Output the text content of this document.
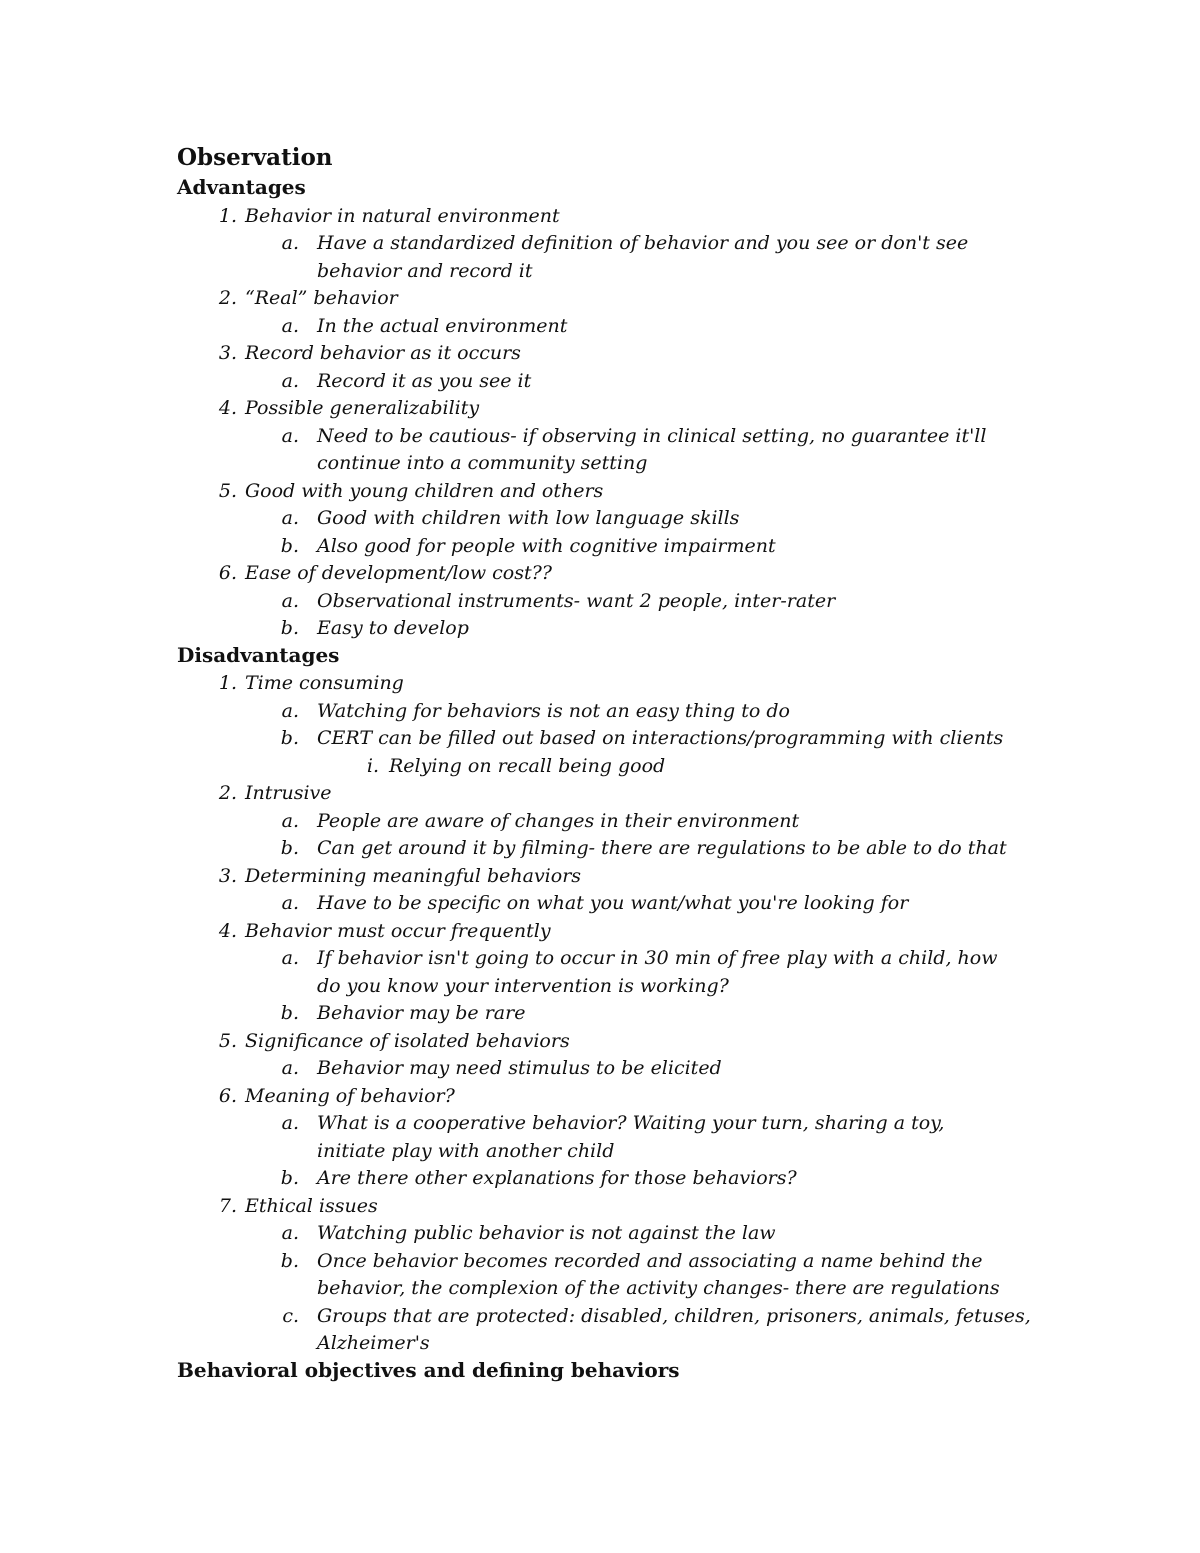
Observation
Advantages
1. Behavior in natural environment
a. Have a standardized definition of behavior and you see or don't see
behavior and record it
2. “Real” behavior
a. In the actual environment
3. Record behavior as it occurs
a. Record it as you see it
4. Possible generalizability
a. Need to be cautious- if observing in clinical setting, no guarantee it'll
continue into a community setting
5. Good with young children and others
a. Good with children with low language skills
b. Also good for people with cognitive impairment
6. Ease of development/low cost??
a. Observational instruments- want 2 people, inter-rater
b. Easy to develop
Disadvantages
1. Time consuming
a. Watching for behaviors is not an easy thing to do
b. CERT can be filled out based on interactions/programming with clients
i. Relying on recall being good
2. Intrusive
a. People are aware of changes in their environment
b. Can get around it by filming- there are regulations to be able to do that
3. Determining meaningful behaviors
a. Have to be specific on what you want/what you're looking for
4. Behavior must occur frequently
a. If behavior isn't going to occur in 30 min of free play with a child, how
do you know your intervention is working?
b. Behavior may be rare
5. Significance of isolated behaviors
a. Behavior may need stimulus to be elicited
6. Meaning of behavior?
a. What is a cooperative behavior? Waiting your turn, sharing a toy,
initiate play with another child
b. Are there other explanations for those behaviors?
7. Ethical issues
a. Watching public behavior is not against the law
b. Once behavior becomes recorded and associating a name behind the
behavior, the complexion of the activity changes- there are regulations
c. Groups that are protected: disabled, children, prisoners, animals, fetuses,
Alzheimer's
Behavioral objectives and defining behaviors
